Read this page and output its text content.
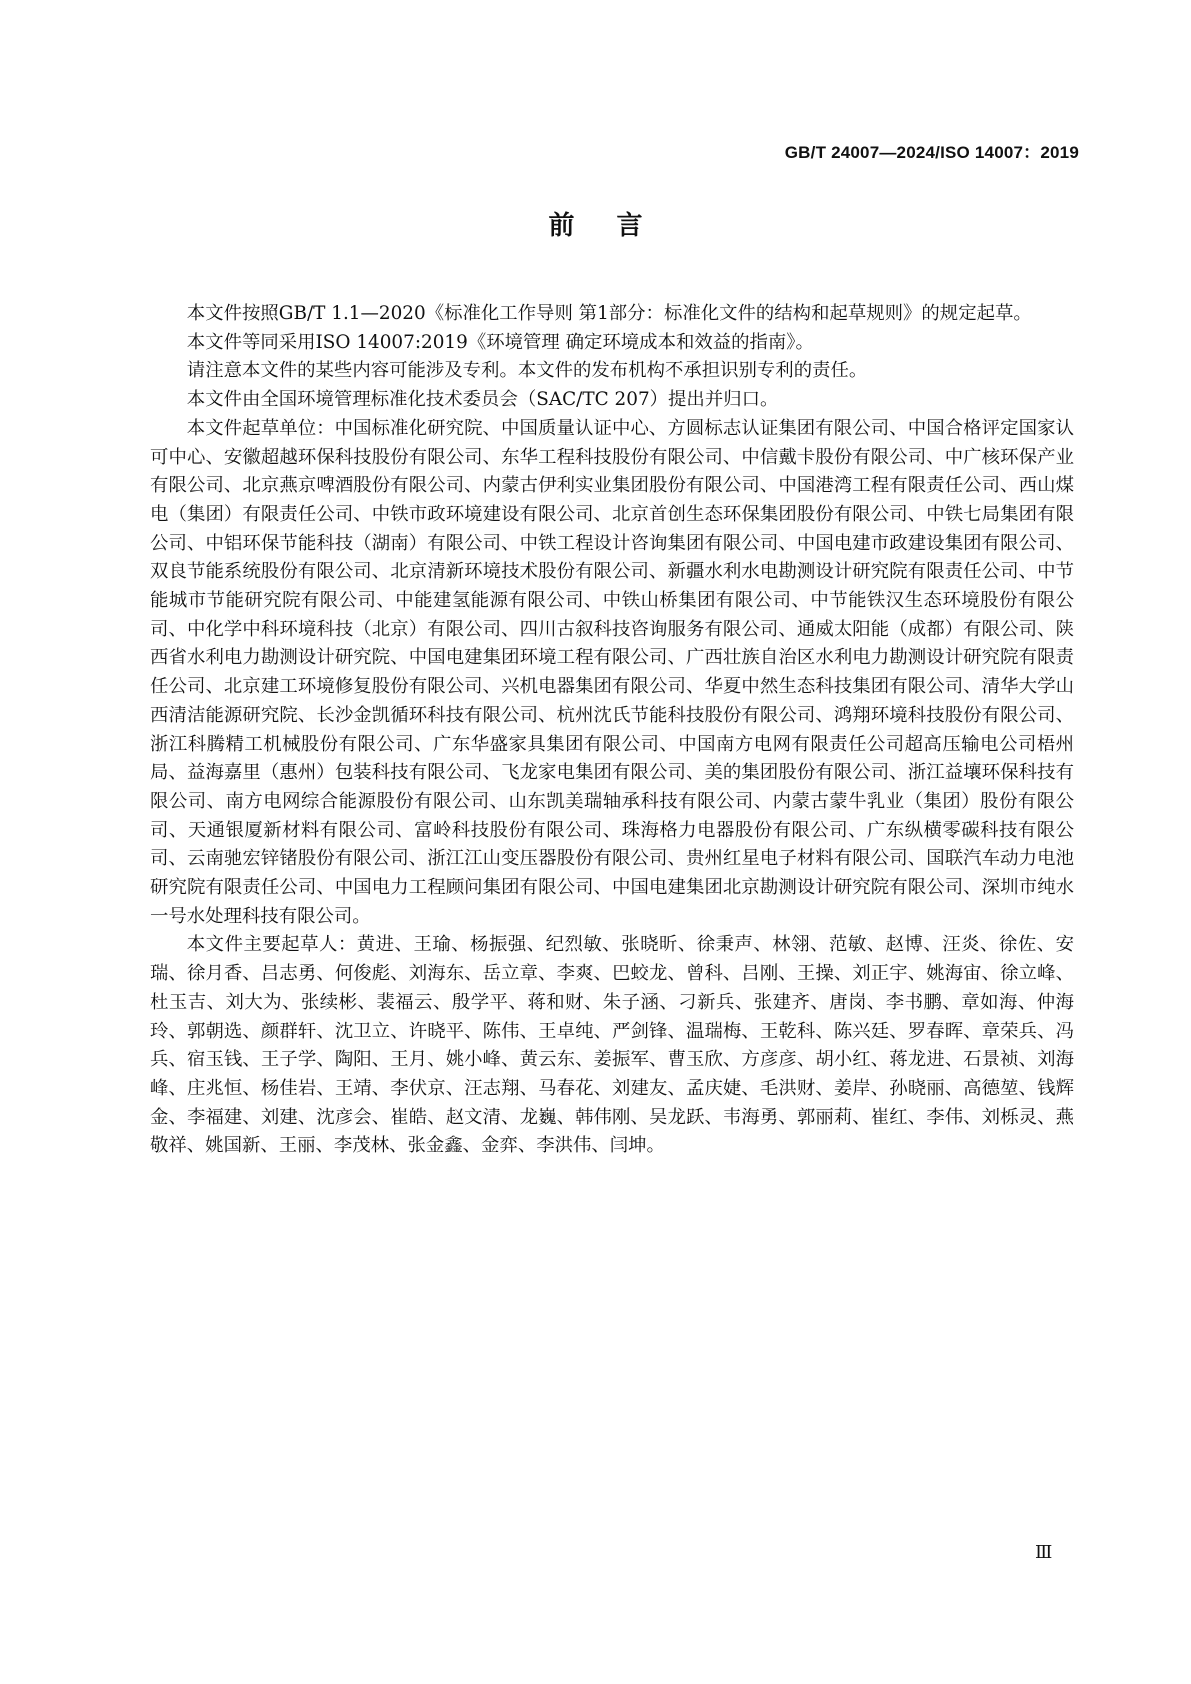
GB/T 24007—2024/ISO 14007：2019
前言

本文件按照GB/T 1.1—2020《标准化工作导则 第1部分：标准化文件的结构和起草规则》的规定起草。

本文件等同采用ISO 14007:2019《环境管理 确定环境成本和效益的指南》。

请注意本文件的某些内容可能涉及专利。本文件的发布机构不承担识别专利的责任。

本文件由全国环境管理标准化技术委员会（SAC/TC 207）提出并归口。

本文件起草单位：中国标准化研究院、中国质量认证中心、方圆标志认证集团有限公司、中国合格评定国家认可中心、安徽超越环保科技股份有限公司、东华工程科技股份有限公司、中信戴卡股份有限公司、中广核环保产业有限公司、北京燕京啤酒股份有限公司、内蒙古伊利实业集团股份有限公司、中国港湾工程有限责任公司、西山煤电（集团）有限责任公司、中铁市政环境建设有限公司、北京首创生态环保集团股份有限公司、中铁七局集团有限公司、中铝环保节能科技（湖南）有限公司、中铁工程设计咨询集团有限公司、中国电建市政建设集团有限公司、双良节能系统股份有限公司、北京清新环境技术股份有限公司、新疆水利水电勘测设计研究院有限责任公司、中节能城市节能研究院有限公司、中能建氢能源有限公司、中铁山桥集团有限公司、中节能铁汉生态环境股份有限公司、中化学中科环境科技（北京）有限公司、四川古叙科技咨询服务有限公司、通威太阳能（成都）有限公司、陕西省水利电力勘测设计研究院、中国电建集团环境工程有限公司、广西壮族自治区水利电力勘测设计研究院有限责任公司、北京建工环境修复股份有限公司、兴机电器集团有限公司、华夏中然生态科技集团有限公司、清华大学山西清洁能源研究院、长沙金凯循环科技有限公司、杭州沈氏节能科技股份有限公司、鸿翔环境科技股份有限公司、浙江科腾精工机械股份有限公司、广东华盛家具集团有限公司、中国南方电网有限责任公司超高压输电公司梧州局、益海嘉里（惠州）包装科技有限公司、飞龙家电集团有限公司、美的集团股份有限公司、浙江益壤环保科技有限公司、南方电网综合能源股份有限公司、山东凯美瑞轴承科技有限公司、内蒙古蒙牛乳业（集团）股份有限公司、天通银厦新材料有限公司、富岭科技股份有限公司、珠海格力电器股份有限公司、广东纵横零碳科技有限公司、云南驰宏锌锗股份有限公司、浙江江山变压器股份有限公司、贵州红星电子材料有限公司、国联汽车动力电池研究院有限责任公司、中国电力工程顾问集团有限公司、中国电建集团北京勘测设计研究院有限公司、深圳市纯水一号水处理科技有限公司。

本文件主要起草人：黄进、王瑜、杨振强、纪烈敏、张晓昕、徐秉声、林翎、范敏、赵博、汪炎、徐佐、安瑞、徐月香、吕志勇、何俊彪、刘海东、岳立章、李爽、巴蛟龙、曾科、吕刚、王操、刘正宇、姚海宙、徐立峰、杜玉吉、刘大为、张续彬、裴福云、殷学平、蒋和财、朱子涵、刁新兵、张建齐、唐岗、李书鹏、章如海、仲海玲、郭朝选、颜群轩、沈卫立、许晓平、陈伟、王卓纯、严剑锋、温瑞梅、王乾科、陈兴廷、罗春晖、章荣兵、冯兵、宿玉钱、王子学、陶阳、王月、姚小峰、黄云东、姜振军、曹玉欣、方彦彦、胡小红、蒋龙进、石景祯、刘海峰、庄兆恒、杨佳岩、王靖、李伏京、汪志翔、马春花、刘建友、孟庆婕、毛洪财、姜岸、孙晓丽、高德堃、钱辉金、李福建、刘建、沈彦会、崔皓、赵文清、龙巍、韩伟刚、吴龙跃、韦海勇、郭丽莉、崔红、李伟、刘栎灵、燕敬祥、姚国新、王丽、李茂林、张金鑫、金弈、李洪伟、闫坤。

Ⅲ
